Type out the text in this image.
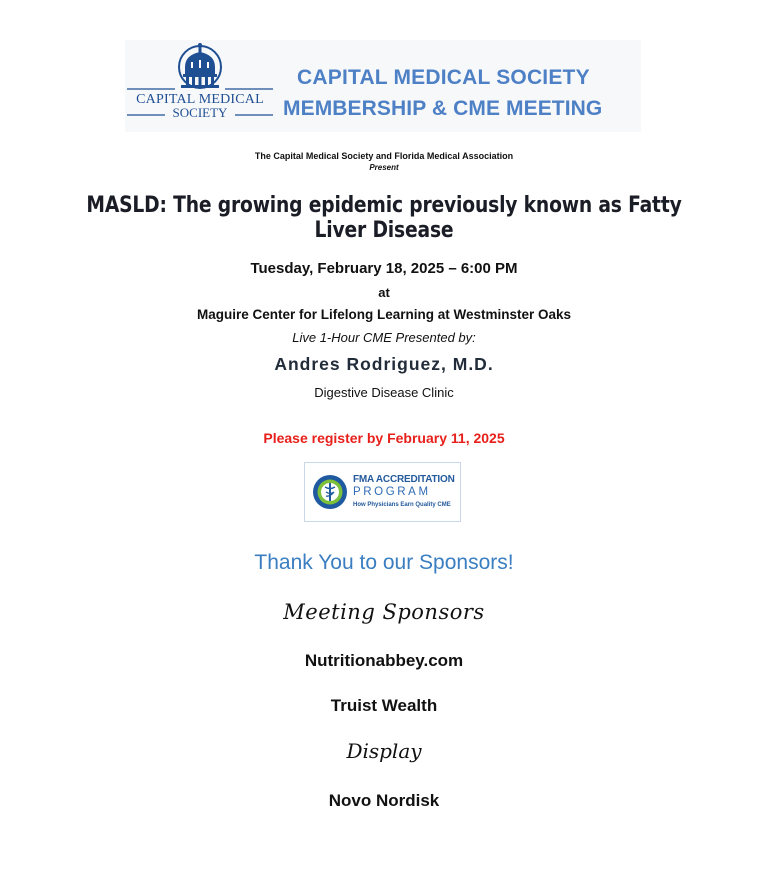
CAPITAL MEDICAL
SOCIETY
CAPITAL MEDICAL SOCIETY
MEMBERSHIP & CME MEETING
The Capital Medical Society and Florida Medical Association
Present
MASLD: The growing epidemic previously known as Fatty Liver Disease
Tuesday, February 18, 2025 – 6:00 PM
at
Maguire Center for Lifelong Learning at Westminster Oaks
Live 1-Hour CME Presented by:
Andres Rodriguez, M.D.
Digestive Disease Clinic
Please register by February 11, 2025
FMA ACCREDITATION
PROGRAM
How Physicians Earn Quality CME
Thank You to our Sponsors!
Meeting Sponsors
Nutritionabbey.com
Truist Wealth
Display
Novo Nordisk
